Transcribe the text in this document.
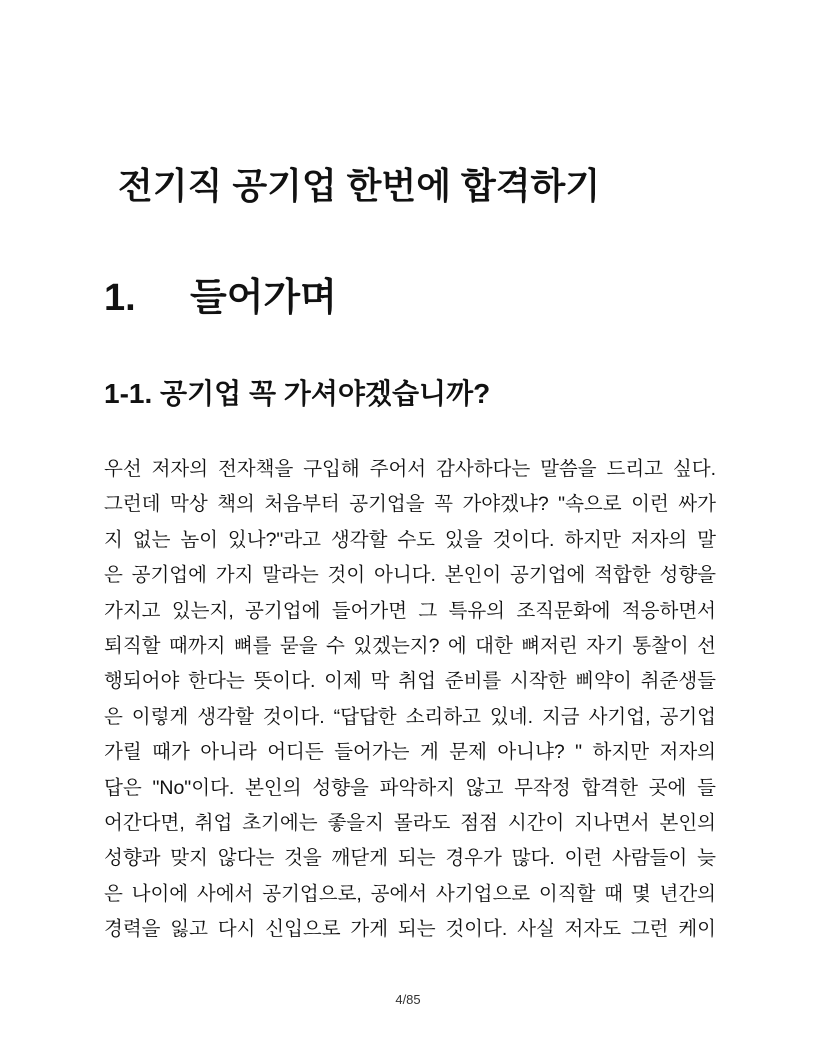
전기직 공기업 한번에 합격하기
1. 들어가며
1-1. 공기업 꼭 가셔야겠습니까?
우선 저자의 전자책을 구입해 주어서 감사하다는 말씀을 드리고 싶다.
그런데 막상 책의 처음부터 공기업을 꼭 가야겠냐? "속으로 이런 싸가
지 없는 놈이 있나?"라고 생각할 수도 있을 것이다. 하지만 저자의 말
은 공기업에 가지 말라는 것이 아니다. 본인이 공기업에 적합한 성향을
가지고 있는지, 공기업에 들어가면 그 특유의 조직문화에 적응하면서
퇴직할 때까지 뼈를 묻을 수 있겠는지? 에 대한 뼈저린 자기 통찰이 선
행되어야 한다는 뜻이다. 이제 막 취업 준비를 시작한 삐약이 취준생들
은 이렇게 생각할 것이다. “답답한 소리하고 있네. 지금 사기업, 공기업
가릴 때가 아니라 어디든 들어가는 게 문제 아니냐? " 하지만 저자의
답은 "No"이다. 본인의 성향을 파악하지 않고 무작정 합격한 곳에 들
어간다면, 취업 초기에는 좋을지 몰라도 점점 시간이 지나면서 본인의
성향과 맞지 않다는 것을 깨닫게 되는 경우가 많다. 이런 사람들이 늦
은 나이에 사에서 공기업으로, 공에서 사기업으로 이직할 때 몇 년간의
경력을 잃고 다시 신입으로 가게 되는 것이다. 사실 저자도 그런 케이
4/85
